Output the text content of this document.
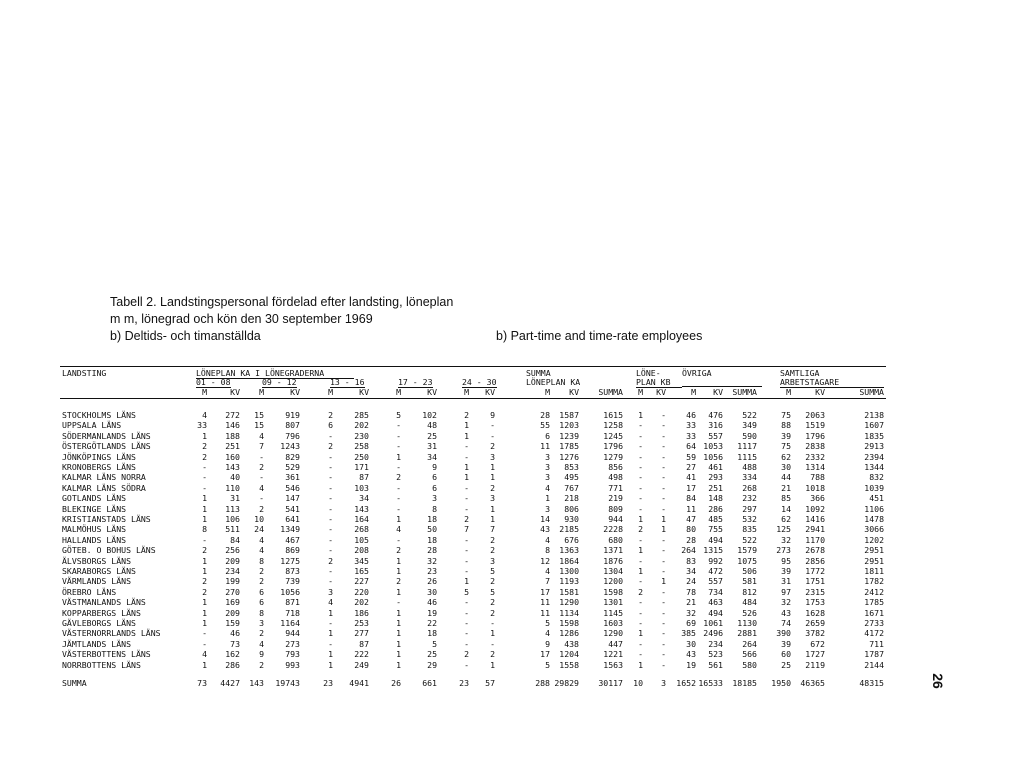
Tabell 2. Landstingspersonal fördelad efter landsting, löneplan
m m, lönegrad och kön den 30 september 1969
b) Deltids- och timanställda	b) Part-time and time-rate employees
LANDSTING	LÖNEPLAN KA I LÖNEGRADERNA	SUMMA	LÖNE-	ÖVRIGA	SAMTLIGA
01 - 08	09 - 12	13 - 16	17 - 23	24 - 30	LÖNEPLAN KA	PLAN KB	ARBETSTAGARE
M	KV	M	KV	M	KV	M	KV	M	KV	M	KV	SUMMA	M	KV	M	KV	SUMMA	M	KV	SUMMA
STOCKHOLMS LÄNS	4	272	15	919	2	285	5	102	2	9	28	1587	1615	1	-	46	476	522	75	2063	2138
UPPSALA LÄNS	33	146	15	807	6	202	-	48	1	-	55	1203	1258	-	-	33	316	349	88	1519	1607
SÖDERMANLANDS LÄNS	1	188	4	796	-	230	-	25	1	-	6	1239	1245	-	-	33	557	590	39	1796	1835
ÖSTERGÖTLANDS LÄNS	2	251	7	1243	2	258	-	31	-	2	11	1785	1796	-	-	64 1053	1117	75	2838	2913
JÖNKÖPINGS LÄNS	2	160	-	829	-	250	1	34	-	3	3	1276	1279	-	-	59 1056	1115	62	2332	2394
KRONOBERGS LÄNS	-	143	2	529	-	171	-	9	1	1	3	853	856	-	-	27	461	488	30	1314	1344
KALMAR LÄNS NORRA	-	40	-	361	-	87	2	6	1	1	3	495	498	-	-	41	293	334	44	788	832
KALMAR LÄNS SÖDRA	-	110	4	546	-	103	-	6	-	2	4	767	771	-	-	17	251	268	21	1018	1039
GOTLANDS LÄNS	1	31	-	147	-	34	-	3	-	3	1	218	219	-	-	84	148	232	85	366	451
BLEKINGE LÄNS	1	113	2	541	-	143	-	8	-	1	3	806	809	-	-	11	286	297	14	1092	1106
KRISTIANSTADS LÄNS	1	106	10	641	-	164	1	18	2	1	14	930	944	1	1	47	485	532	62	1416	1478
MALMÖHUS LÄNS	8	511	24	1349	-	268	4	50	7	7	43	2185	2228	2	1	80	755	835	125	2941	3066
HALLANDS LÄNS	-	84	4	467	-	105	-	18	-	2	4	676	680	-	-	28	494	522	32	1170	1202
GÖTEB. O BOHUS LÄNS	2	256	4	869	-	208	2	28	-	2	8	1363	1371	1	-	264 1315	1579	273	2678	2951
ÄLVSBORGS LÄNS	1	209	8	1275	2	345	1	32	-	3	12	1864	1876	-	-	83	992	1075	95	2856	2951
SKARABORGS LÄNS	1	234	2	873	-	165	1	23	-	5	4	1300	1304	1	-	34	472	506	39	1772	1811
VÄRMLANDS LÄNS	2	199	2	739	-	227	2	26	1	2	7	1193	1200	-	1	24	557	581	31	1751	1782
ÖREBRO LÄNS	2	270	6	1056	3	220	1	30	5	5	17	1581	1598	2	-	78	734	812	97	2315	2412
VÄSTMANLANDS LÄNS	1	169	6	871	4	202	-	46	-	2	11	1290	1301	-	-	21	463	484	32	1753	1785
KOPPARBERGS LÄNS	1	209	8	718	1	186	1	19	-	2	11	1134	1145	-	-	32	494	526	43	1628	1671
GÄVLEBORGS LÄNS	1	159	3	1164	-	253	1	22	-	-	5	1598	1603	-	-	69 1061	1130	74	2659	2733
VÄSTERNORRLANDS LÄNS	-	46	2	944	1	277	1	18	-	1	4	1286	1290	1	-	385 2496	2881	390	3782	4172
JÄMTLANDS LÄNS	-	73	4	273	-	87	1	5	-	-	9	438	447	-	-	30	234	264	39	672	711
VÄSTERBOTTENS LÄNS	4	162	9	793	1	222	1	25	2	2	17	1204	1221	-	-	43	523	566	60	1727	1787
NORRBOTTENS LÄNS	1	286	2	993	1	249	1	29	-	1	5	1558	1563	1	-	19	561	580	25	2119	2144
SUMMA	73	4427	143	19743	23	4941	26	661	23	57	288 29829	30117	10	3	1652 16533	18185	1950	46365	48315	26
